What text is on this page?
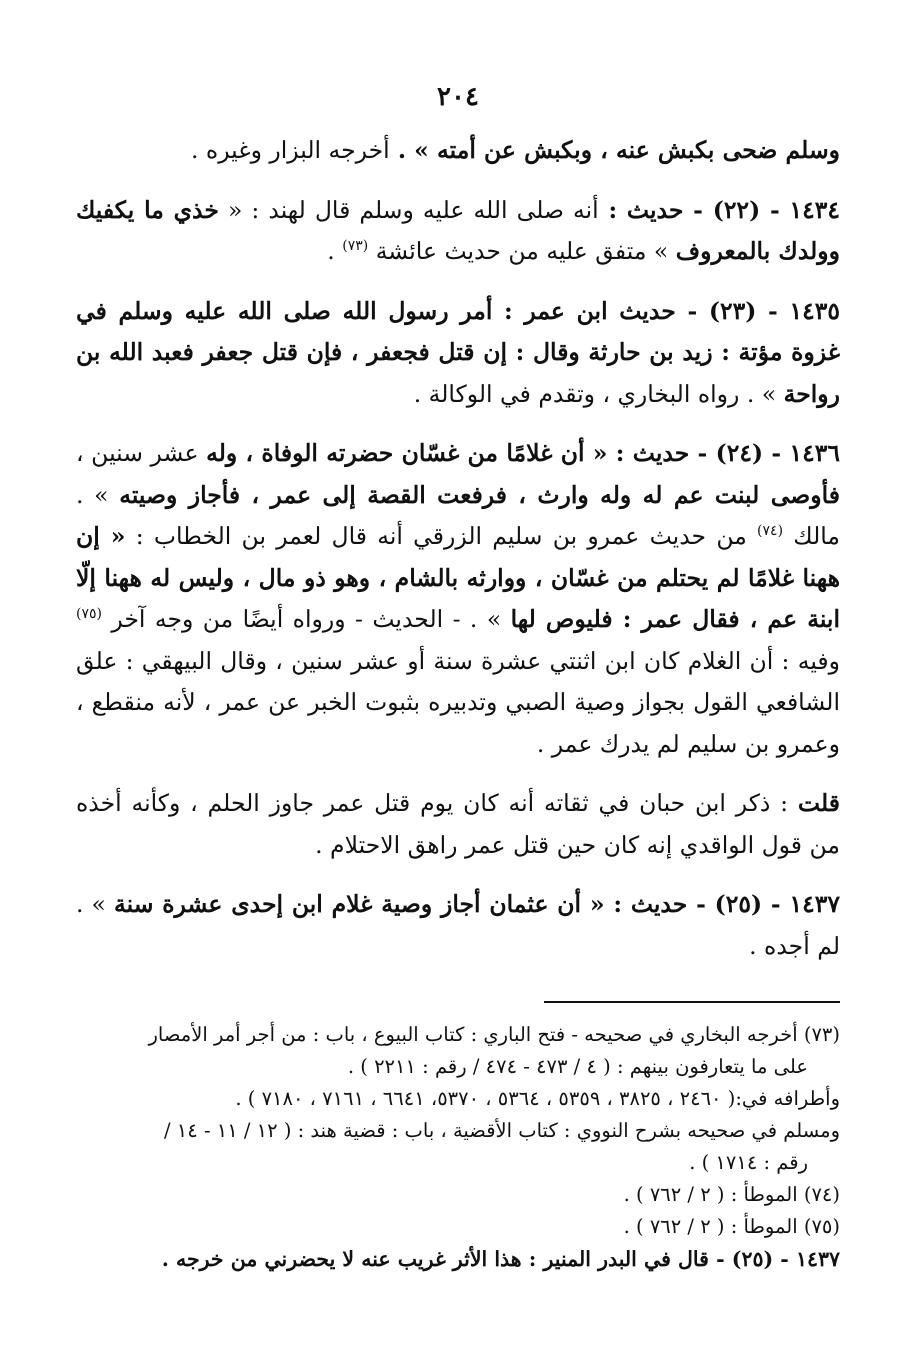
٢٠٤

وسلم ضحى بكبش عنه ، وبكبش عن أمته » . أخرجه البزار وغيره .

١٤٣٤ - (٢٢) - حديث : أنه صلى الله عليه وسلم قال لهند : « خذي ما يكفيك وولدك بالمعروف » متفق عليه من حديث عائشة $^{(٧٣)}$ .

١٤٣٥ - (٢٣) - حديث ابن عمر : أمر رسول الله صلى الله عليه وسلم في غزوة مؤتة : زيد بن حارثة وقال : إن قتل فجعفر ، فإن قتل جعفر فعبد الله بن رواحة » . رواه البخاري ، وتقدم في الوكالة .

١٤٣٦ - (٢٤) - حديث : « أن غلامًا من غسّان حضرته الوفاة ، وله عشر سنين ، فأوصى لبنت عم له وله وارث ، فرفعت القصة إلى عمر ، فأجاز وصيته » . مالك $^{(٧٤)}$ من حديث عمرو بن سليم الزرقي أنه قال لعمر بن الخطاب : « إن ههنا غلامًا لم يحتلم من غسّان ، ووارثه بالشام ، وهو ذو مال ، وليس له ههنا إلّا ابنة عم ، فقال عمر : فليوص لها » . - الحديث - ورواه أيضًا من وجه آخر $^{(٧٥)}$ وفيه : أن الغلام كان ابن اثنتي عشرة سنة أو عشر سنين ، وقال البيهقي : علق الشافعي القول بجواز وصية الصبي وتدبيره بثبوت الخبر عن عمر ، لأنه منقطع ، وعمرو بن سليم لم يدرك عمر .

قلت : ذكر ابن حبان في ثقاته أنه كان يوم قتل عمر جاوز الحلم ، وكأنه أخذه من قول الواقدي إنه كان حين قتل عمر راهق الاحتلام .

١٤٣٧ - (٢٥) - حديث : « أن عثمان أجاز وصية غلام ابن إحدى عشرة سنة » . لم أجده .

(٧٣) أخرجه البخاري في صحيحه - فتح الباري : كتاب البيوع ، باب : من أجر أمر الأمصار
على ما يتعارفون بينهم : ( ٤ / ٤٧٣ - ٤٧٤ / رقم : ٢٢١١ ) .
وأطرافه في:( ٢٤٦٠ ، ٣٨٢٥ ، ٥٣٥٩ ، ٥٣٦٤ ، ٥٣٧٠، ٦٦٤١ ، ٧١٦١ ، ٧١٨٠ ) .
ومسلم في صحيحه بشرح النووي : كتاب الأقضية ، باب : قضية هند : ( ١٢ / ١١ - ١٤ /
رقم : ١٧١٤ ) .

(٧٤) الموطأ : ( ٢ / ٧٦٢ ) .

(٧٥) الموطأ : ( ٢ / ٧٦٢ ) .

١٤٣٧ - (٢٥) - قال في البدر المنير : هذا الأثر غريب عنه لا يحضرني من خرجه .
